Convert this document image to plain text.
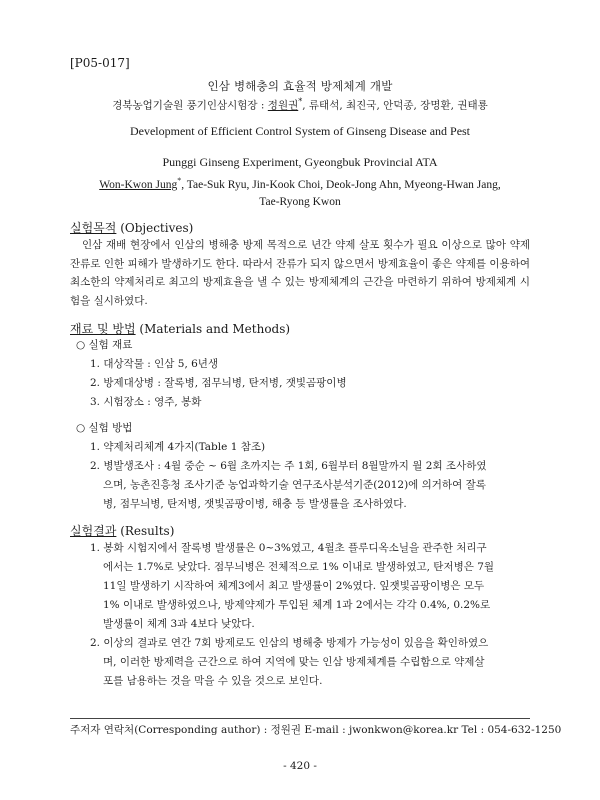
[P05-017]
인삼 병해충의 효율적 방제체계 개발
경북농업기술원 풍기인삼시험장 : 정원권*, 류태석, 최진국, 안덕종, 장명환, 권태룡
Development of Efficient Control System of Ginseng Disease and Pest
Punggi Ginseng Experiment, Gyeongbuk Provincial ATA
Won-Kwon Jung*, Tae-Suk Ryu, Jin-Kook Choi, Deok-Jong Ahn, Myeong-Hwan Jang,
Tae-Ryong Kwon
실험목적 (Objectives)
인삼 재배 현장에서 인삼의 병해충 방제 목적으로 년간 약제 살포 횟수가 필요 이상으로 많아 약제 잔류로 인한 피해가 발생하기도 한다. 따라서 잔류가 되지 않으면서 방제효율이 좋은 약제를 이용하여 최소한의 약제처리로 최고의 방제효율을 낼 수 있는 방제체계의 근간을 마련하기 위하여 방제체계 시험을 실시하였다.
재료 및 방법 (Materials and Methods)
○ 실험 재료
1. 대상작물 : 인삼 5, 6년생
2. 방제대상병 : 잘록병, 점무늬병, 탄저병, 잿빛곰팡이병
3. 시험장소 : 영주, 봉화
○ 실험 방법
1. 약제처리체계 4가지(Table 1 참조)
2. 병발생조사 : 4월 중순 ~ 6월 초까지는 주 1회, 6월부터 8월말까지 월 2회 조사하였
으며, 농촌진흥청 조사기준 농업과학기술 연구조사분석기준(2012)에 의거하여 잘록
병, 점무늬병, 탄저병, 잿빛곰팡이병, 해충 등 발생률을 조사하였다.
실험결과 (Results)
1. 봉화 시험지에서 잘록병 발생률은 0~3%였고, 4월초 플루디옥소닐을 관주한 처리구
에서는 1.7%로 낮았다. 점무늬병은 전체적으로 1% 이내로 발생하였고, 탄저병은 7월
11일 발생하기 시작하여 체계3에서 최고 발생률이 2%였다. 잎잿빛곰팡이병은 모두
1% 이내로 발생하였으나, 방제약제가 투입된 체계 1과 2에서는 각각 0.4%, 0.2%로
발생률이 체계 3과 4보다 낮았다.
2. 이상의 결과로 연간 7회 방제로도 인삼의 병해충 방제가 가능성이 있음을 확인하였으
며, 이러한 방제력을 근간으로 하여 지역에 맞는 인삼 방제체계를 수립함으로 약제살
포를 남용하는 것을 막을 수 있을 것으로 보인다.
주저자 연락처(Corresponding author) : 정원권 E-mail : jwonkwon@korea.kr Tel : 054-632-1250
- 420 -
